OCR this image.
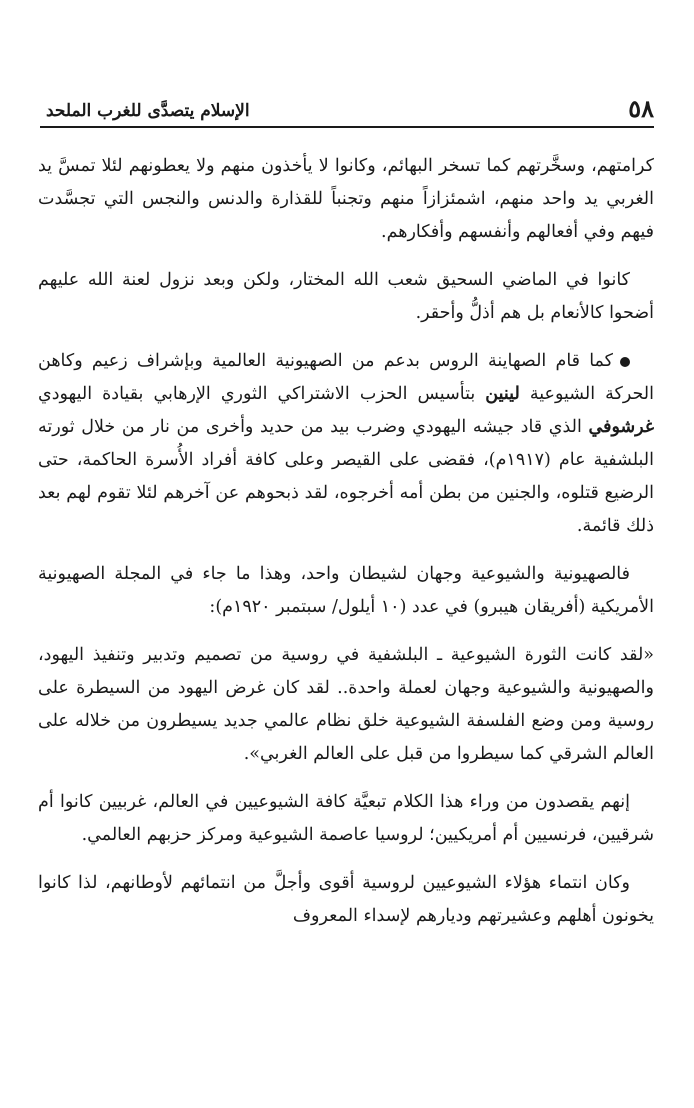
٥٨
الإسلام يتصدَّى للغرب الملحد

كرامتهم، وسخَّرتهم كما تسخر البهائم، وكانوا لا يأخذون منهم ولا يعطونهم لئلا تمسَّ يد الغربي يد واحد منهم، اشمئزازاً منهم وتجنباً للقذارة والدنس والنجس التي تجسَّدت فيهم وفي أفعالهم وأنفسهم وأفكارهم.

كانوا في الماضي السحيق شعب الله المختار، ولكن وبعد نزول لعنة الله عليهم أضحوا كالأنعام بل هم أذلُّ وأحقر.

كما قام الصهاينة الروس بدعم من الصهيونية العالمية وبإشراف زعيم وكاهن الحركة الشيوعية لينين بتأسيس الحزب الاشتراكي الثوري الإرهابي بقيادة اليهودي غرشوفي الذي قاد جيشه اليهودي وضرب بيد من حديد وأخرى من نار من خلال ثورته البلشفية عام (١٩١٧م)، فقضى على القيصر وعلى كافة أفراد الأُسرة الحاكمة، حتى الرضيع قتلوه، والجنين من بطن أمه أخرجوه، لقد ذبحوهم عن آخرهم لئلا تقوم لهم بعد ذلك قائمة.

فالصهيونية والشيوعية وجهان لشيطان واحد، وهذا ما جاء في المجلة الصهيونية الأمريكية (أفريقان هيبرو) في عدد (١٠ أيلول/ سبتمبر ١٩٢٠م):

«لقد كانت الثورة الشيوعية ـ البلشفية في روسية من تصميم وتدبير وتنفيذ اليهود، والصهيونية والشيوعية وجهان لعملة واحدة.. لقد كان غرض اليهود من السيطرة على روسية ومن وضع الفلسفة الشيوعية خلق نظام عالمي جديد يسيطرون من خلاله على العالم الشرقي كما سيطروا من قبل على العالم الغربي».

إنهم يقصدون من وراء هذا الكلام تبعيَّة كافة الشيوعيين في العالم، غربيين كانوا أم شرقيين، فرنسيين أم أمريكيين؛ لروسيا عاصمة الشيوعية ومركز حزبهم العالمي.

وكان انتماء هؤلاء الشيوعيين لروسية أقوى وأجلَّ من انتمائهم لأوطانهم، لذا كانوا يخونون أهلهم وعشيرتهم وديارهم لإسداء المعروف
